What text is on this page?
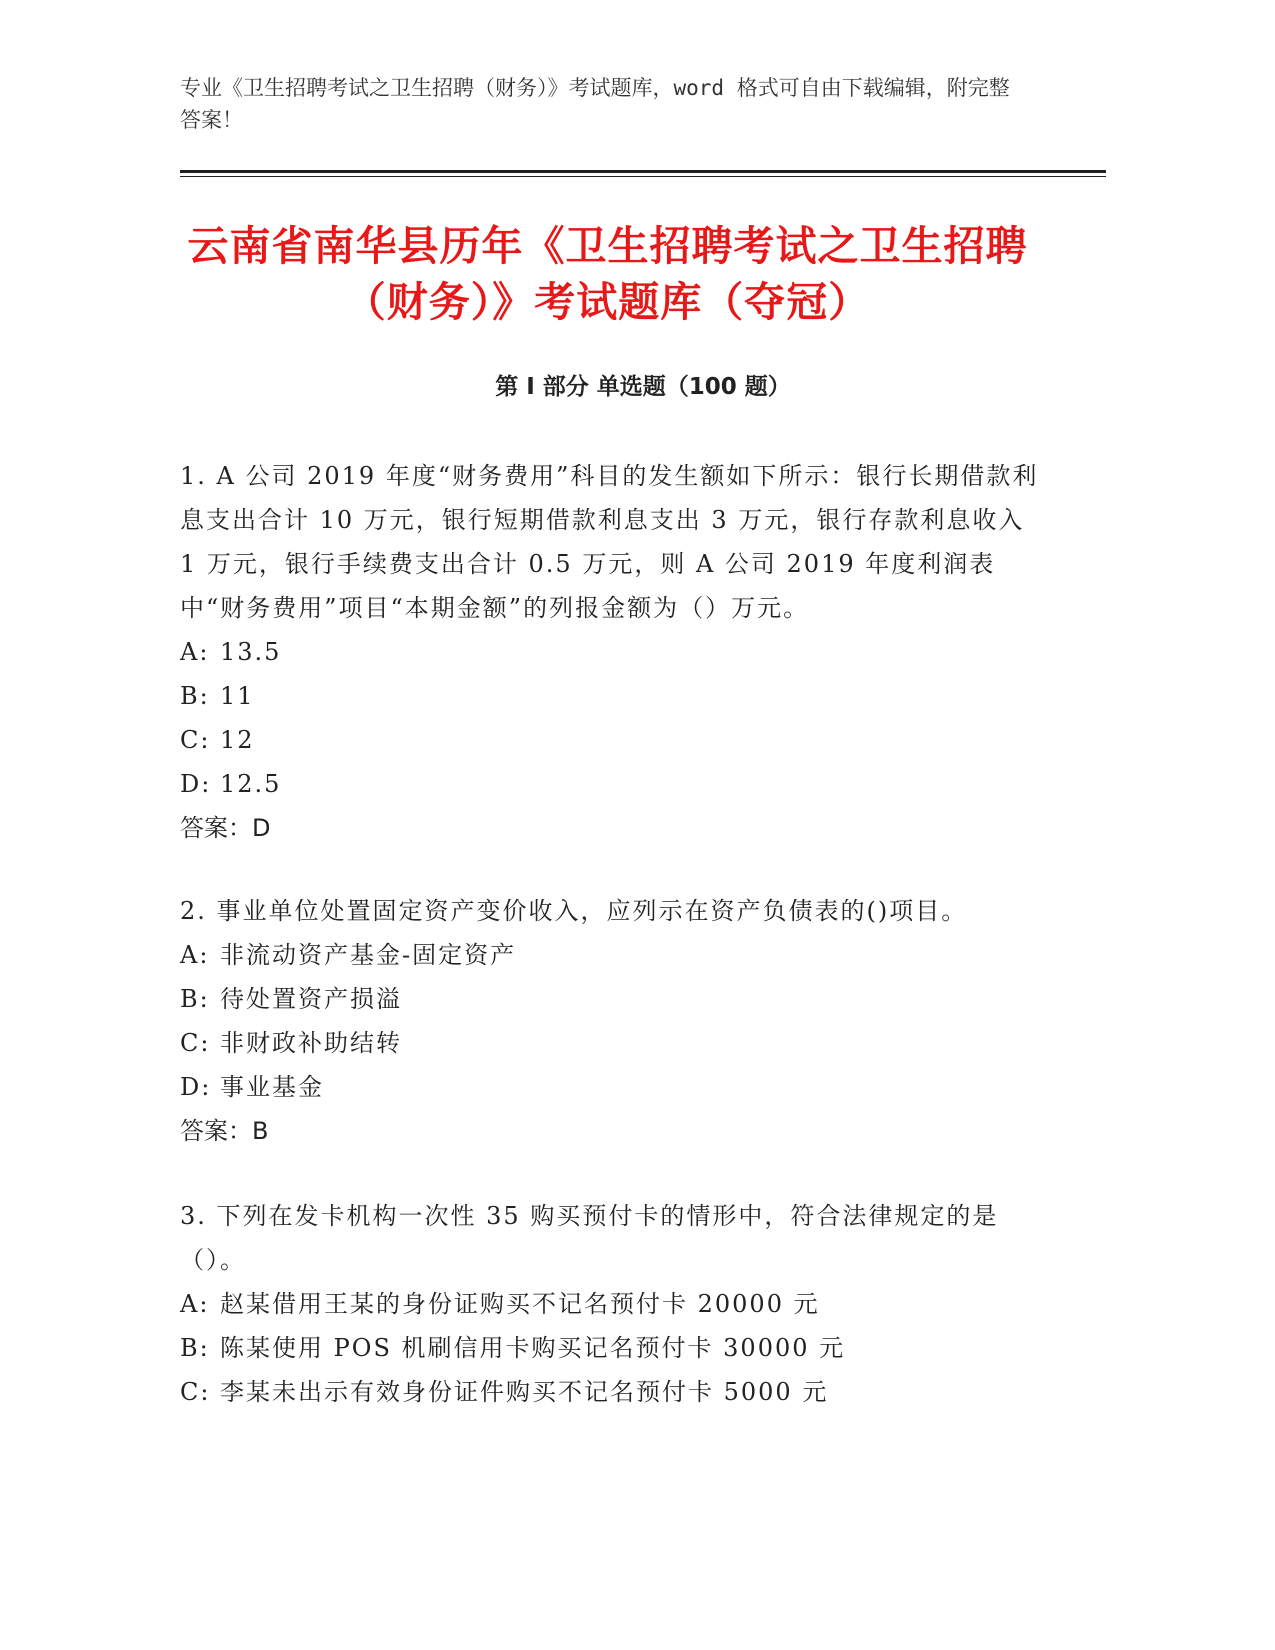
专业《卫生招聘考试之卫生招聘（财务）》考试题库，word 格式可自由下载编辑，附完整答案！

云南省南华县历年《卫生招聘考试之卫生招聘（财务）》考试题库（夺冠）
第 I 部分 单选题（100 题）

1. A 公司 2019 年度“财务费用”科目的发生额如下所示：银行长期借款利息支出合计 10 万元，银行短期借款利息支出 3 万元，银行存款利息收入 1 万元，银行手续费支出合计 0.5 万元，则 A 公司 2019 年度利润表中“财务费用”项目“本期金额”的列报金额为（）万元。

A: 13.5

B: 11

C: 12

D: 12.5

答案：D

2. 事业单位处置固定资产变价收入，应列示在资产负债表的()项目。

A: 非流动资产基金-固定资产

B: 待处置资产损溢

C: 非财政补助结转

D: 事业基金

答案：B

3. 下列在发卡机构一次性 35 购买预付卡的情形中，符合法律规定的是（）。

A: 赵某借用王某的身份证购买不记名预付卡 20000 元

B: 陈某使用 POS 机刷信用卡购买记名预付卡 30000 元

C: 李某未出示有效身份证件购买不记名预付卡 5000 元
